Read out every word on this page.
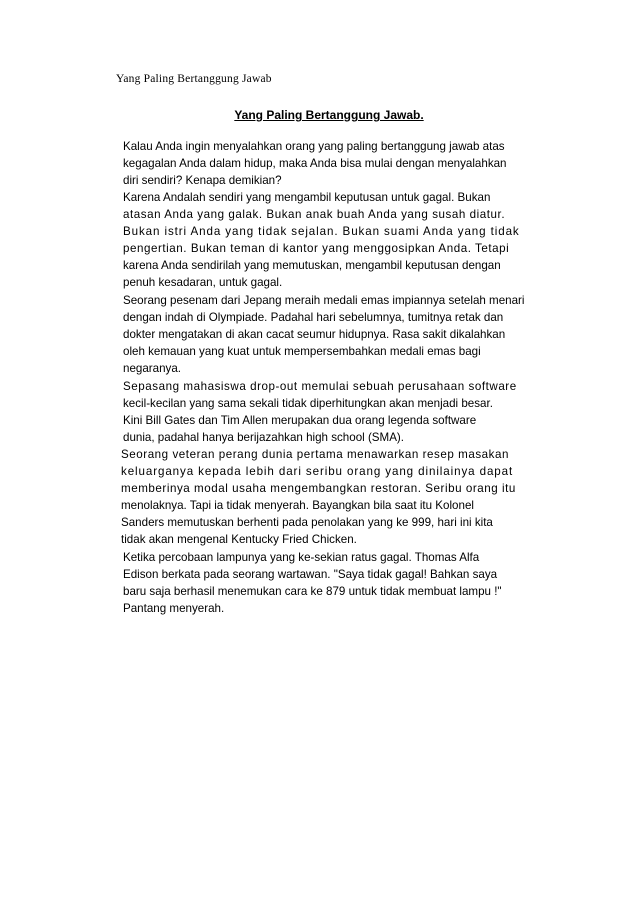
Yang Paling Bertanggung Jawab
Yang Paling Bertanggung Jawab.
Kalau Anda ingin menyalahkan orang yang paling bertanggung jawab atas
kegagalan Anda dalam hidup, maka Anda bisa mulai dengan menyalahkan
diri sendiri? Kenapa demikian?
Karena Andalah sendiri yang mengambil keputusan untuk gagal. Bukan
atasan Anda yang galak. Bukan anak buah Anda yang susah diatur.
Bukan istri Anda yang tidak sejalan. Bukan suami Anda yang tidak
pengertian. Bukan teman di kantor yang menggosipkan Anda. Tetapi
karena Anda sendirilah yang memutuskan, mengambil keputusan dengan
penuh kesadaran, untuk gagal.
Seorang pesenam dari Jepang meraih medali emas impiannya setelah menari
dengan indah di Olympiade. Padahal hari sebelumnya, tumitnya retak dan
dokter mengatakan di akan cacat seumur hidupnya. Rasa sakit dikalahkan
oleh kemauan yang kuat untuk mempersembahkan medali emas bagi
negaranya.
Sepasang mahasiswa drop-out memulai sebuah perusahaan software
kecil-kecilan yang sama sekali tidak diperhitungkan akan menjadi besar.
Kini Bill Gates dan Tim Allen merupakan dua orang legenda software
dunia, padahal hanya berijazahkan high school (SMA).
Seorang veteran perang dunia pertama menawarkan resep masakan
keluarganya kepada lebih dari seribu orang yang dinilainya dapat
memberinya modal usaha mengembangkan restoran. Seribu orang itu
menolaknya. Tapi ia tidak menyerah. Bayangkan bila saat itu Kolonel
Sanders memutuskan berhenti pada penolakan yang ke 999, hari ini kita
tidak akan mengenal Kentucky Fried Chicken.
Ketika percobaan lampunya yang ke-sekian ratus gagal. Thomas Alfa
Edison berkata pada seorang wartawan. "Saya tidak gagal! Bahkan saya
baru saja berhasil menemukan cara ke 879 untuk tidak membuat lampu !"
Pantang menyerah.
